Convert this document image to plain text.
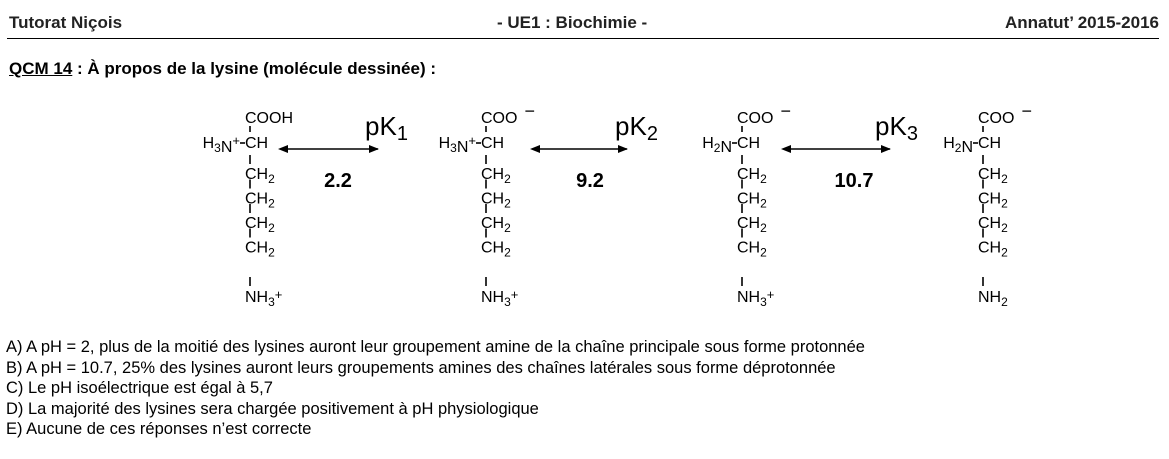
Tutorat Niçois	- UE1 : Biochimie -	Annatut’ 2015-2016
QCM 14 : À propos de la lysine (molécule dessinée) :
COOH
$H_3N^+$ CH
$CH_2$
$CH_2$
$CH_2$
$CH_2$
$NH_3^+$
COO −
$H_3N^+$ CH
$CH_2$
$CH_2$
$CH_2$
$CH_2$
$NH_3^+$
COO −
$H_2N$ CH
$CH_2$
$CH_2$
$CH_2$
$CH_2$
$NH_3^+$
COO −
$H_2N$ CH
$CH_2$
$CH_2$
$CH_2$
$CH_2$
$NH_2$
pK1
2.2
pK2
9.2
pK3
10.7
A) A pH = 2, plus de la moitié des lysines auront leur groupement amine de la chaîne principale sous forme protonnée
B) A pH = 10.7, 25% des lysines auront leurs groupements amines des chaînes latérales sous forme déprotonnée
C) Le pH isoélectrique est égal à 5,7
D) La majorité des lysines sera chargée positivement à pH physiologique
E) Aucune de ces réponses n’est correcte
